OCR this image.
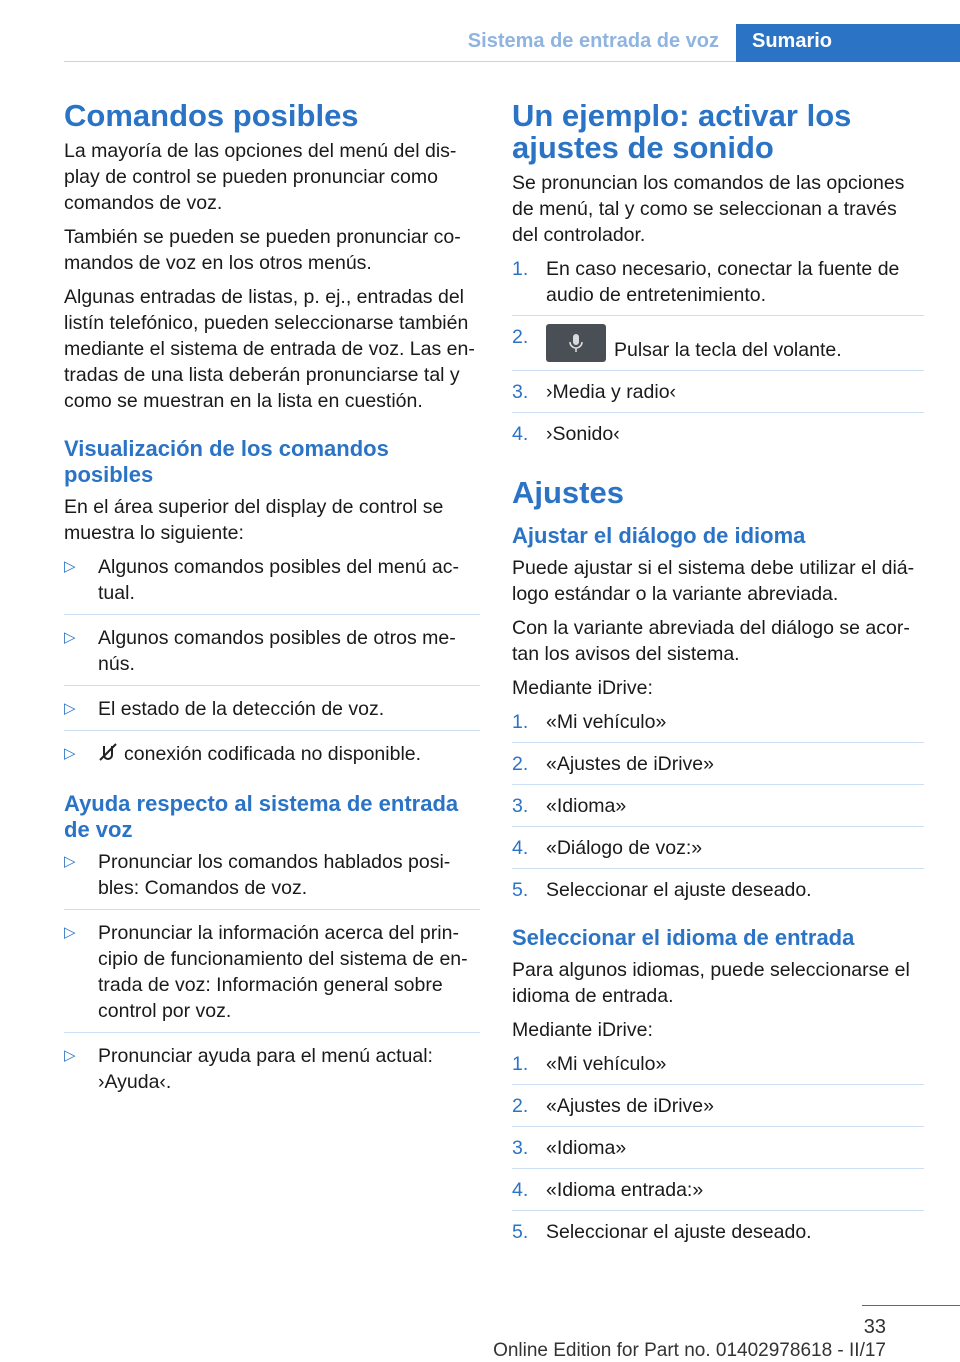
Sistema de entrada de voz	Sumario
Comandos posibles

La mayoría de las opciones del menú del display de control se pueden pronunciar como comandos de voz.

También se pueden se pueden pronunciar comandos de voz en los otros menús.

Algunas entradas de listas, p. ej., entradas del listín telefónico, pueden seleccionarse también mediante el sistema de entrada de voz. Las entradas de una lista deberán pronunciarse tal y como se muestran en la lista en cuestión.

Visualización de los comandos posibles

En el área superior del display de control se muestra lo siguiente:

▷ Algunos comandos posibles del menú actual.
▷ Algunos comandos posibles de otros menús.
▷ El estado de la detección de voz.
▷ conexión codificada no disponible.
Ayuda respecto al sistema de entrada de voz
▷ Pronunciar los comandos hablados posibles: Comandos de voz.
▷ Pronunciar la información acerca del principio de funcionamiento del sistema de entrada de voz: Información general sobre control por voz.
▷ Pronunciar ayuda para el menú actual: ›Ayuda‹.
Un ejemplo: activar los ajustes de sonido

Se pronuncian los comandos de las opciones de menú, tal y como se seleccionan a través del controlador.

1. En caso necesario, conectar la fuente de audio de entretenimiento.
2.
Pulsar la tecla del volante.
3. ›Media y radio‹
4. ›Sonido‹
Ajustes
Ajustar el diálogo de idioma

Puede ajustar si el sistema debe utilizar el diálogo estándar o la variante abreviada.

Con la variante abreviada del diálogo se acortan los avisos del sistema.

Mediante iDrive:

1. «Mi vehículo»
2. «Ajustes de iDrive»
3. «Idioma»
4. «Diálogo de voz:»
5. Seleccionar el ajuste deseado.
Seleccionar el idioma de entrada

Para algunos idiomas, puede seleccionarse el idioma de entrada.

Mediante iDrive:

1. «Mi vehículo»
2. «Ajustes de iDrive»
3. «Idioma»
4. «Idioma entrada:»
5. Seleccionar el ajuste deseado.
33
Online Edition for Part no. 01402978618 - II/17
